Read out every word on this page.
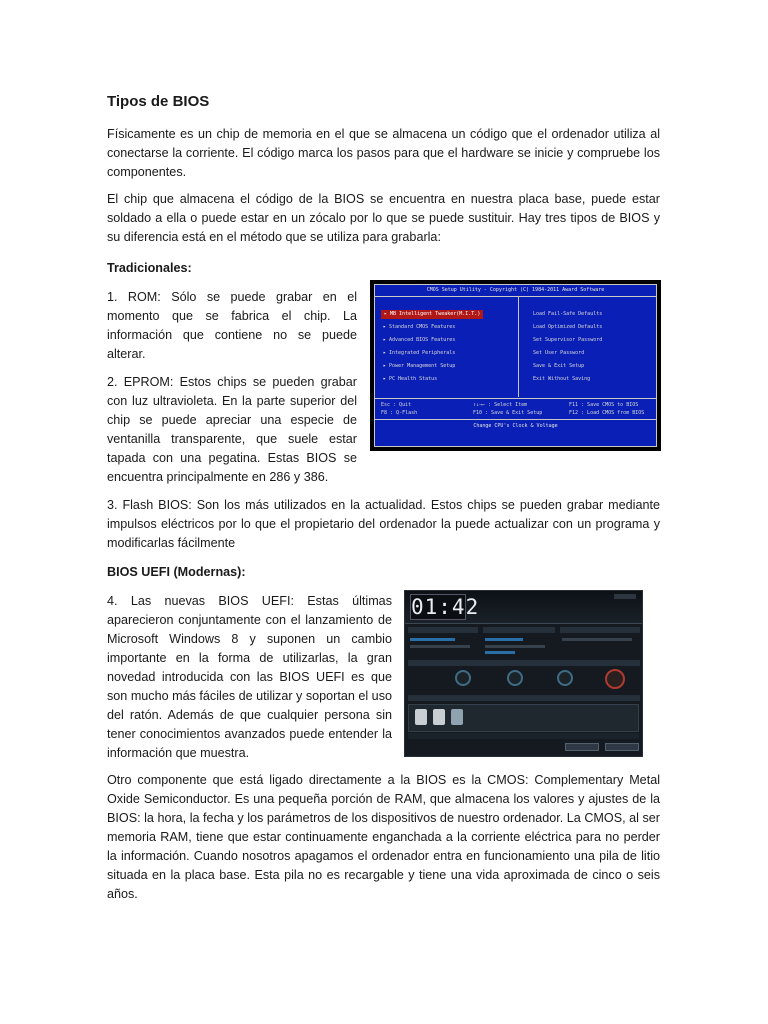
Tipos de BIOS

Físicamente es un chip de memoria en el que se almacena un código que el ordenador utiliza al conectarse la corriente. El código marca los pasos para que el hardware se inicie y compruebe los componentes.

El chip que almacena el código de la BIOS se encuentra en nuestra placa base, puede estar soldado a ella o puede estar en un zócalo por lo que se puede sustituir. Hay tres tipos de BIOS y su diferencia está en el método que se utiliza para grabarla:

Tradicionales:

1. ROM: Sólo se puede grabar en el momento que se fabrica el chip. La información que contiene no se puede alterar.

2. EPROM: Estos chips se pueden grabar con luz ultravioleta. En la parte superior del chip se puede apreciar una especie de ventanilla transparente, que suele estar tapada con una pegatina. Estas BIOS se encuentra principalmente en 286 y 386.

CMOS Setup Utility - Copyright (C) 1984-2011 Award Software
▸ MB Intelligent Tweaker(M.I.T.)
▸ Standard CMOS Features
▸ Advanced BIOS Features
▸ Integrated Peripherals
▸ Power Management Setup
▸ PC Health Status
Load Fail-Safe Defaults
Load Optimized Defaults
Set Supervisor Password
Set User Password
Save & Exit Setup
Exit Without Saving
Esc : Quit
F8 : Q-Flash
↑↓→← : Select Item
F10 : Save & Exit Setup
F11 : Save CMOS to BIOS
F12 : Load CMOS from BIOS
Change CPU's Clock & Voltage

3. Flash BIOS: Son los más utilizados en la actualidad. Estos chips se pueden grabar mediante impulsos eléctricos por lo que el propietario del ordenador la puede actualizar con un programa y modificarlas fácilmente

BIOS UEFI (Modernas):

4. Las nuevas BIOS UEFI: Estas últimas aparecieron conjuntamente con el lanzamiento de Microsoft Windows 8 y suponen un cambio importante en la forma de utilizarlas, la gran novedad introducida con las BIOS UEFI es que son mucho más fáciles de utilizar y soportan el uso del ratón. Además de que cualquier persona sin tener conocimientos avanzados puede entender la información que muestra.

01:42

Otro componente que está ligado directamente a la BIOS es la CMOS: Complementary Metal Oxide Semiconductor. Es una pequeña porción de RAM, que almacena los valores y ajustes de la BIOS: la hora, la fecha y los parámetros de los dispositivos de nuestro ordenador. La CMOS, al ser memoria RAM, tiene que estar continuamente enganchada a la corriente eléctrica para no perder la información. Cuando nosotros apagamos el ordenador entra en funcionamiento una pila de litio situada en la placa base. Esta pila no es recargable y tiene una vida aproximada de cinco o seis años.
